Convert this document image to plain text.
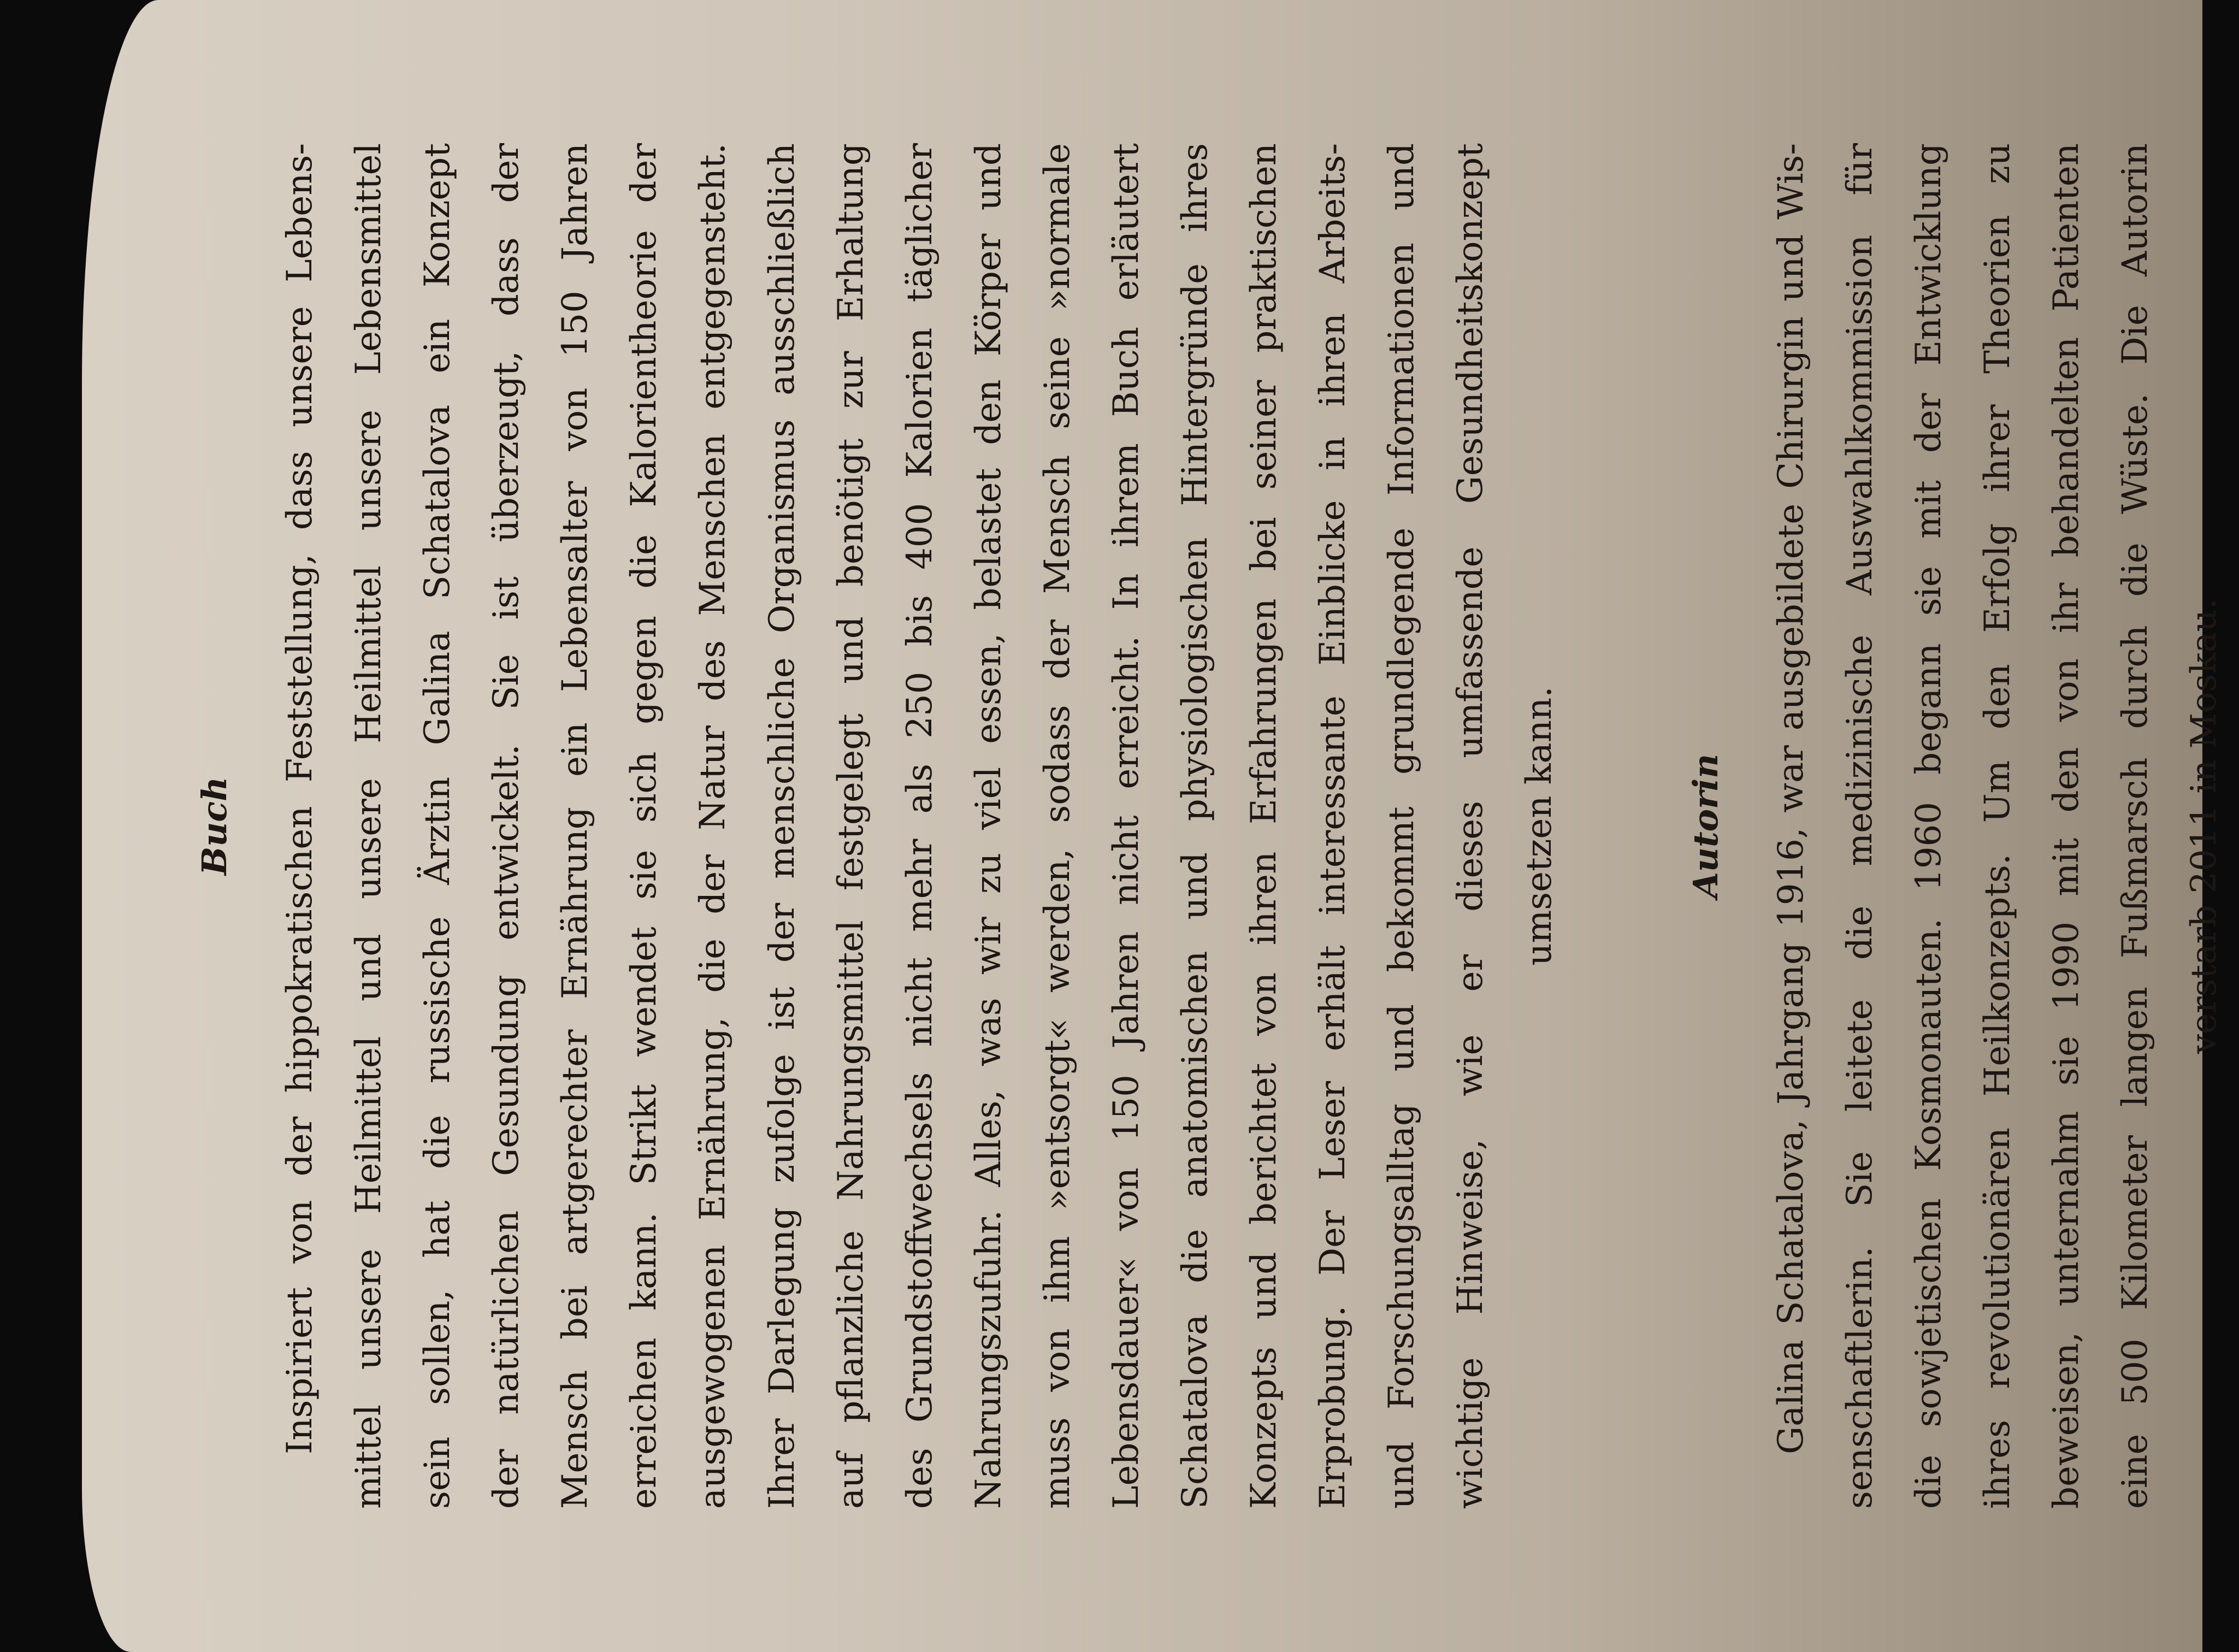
Buch	Inspiriert von der hippokratischen Feststellung, dass unsere Lebens- mittel unsere Heilmittel und unsere Heilmittel unsere Lebensmittel sein sollen, hat die russische Ärztin Galina Schatalova ein Konzept der natürlichen Gesundung entwickelt. Sie ist überzeugt, dass der Mensch bei artgerechter Ernährung ein Lebensalter von 150 Jahren erreichen kann. Strikt wendet sie sich gegen die Kalorientheorie der ausgewogenen Ernährung, die der Natur des Menschen entgegensteht. Ihrer Darlegung zufolge ist der menschliche Organismus ausschließlich auf pflanzliche Nahrungsmittel festgelegt und benötigt zur Erhaltung des Grundstoffwechsels nicht mehr als 250 bis 400 Kalorien täglicher Nahrungszufuhr. Alles, was wir zu viel essen, belastet den Körper und muss von ihm »entsorgt« werden, sodass der Mensch seine »normale Lebensdauer« von 150 Jahren nicht erreicht. In ihrem Buch erläutert Schatalova die anatomischen und physiologischen Hintergründe ihres Konzepts und berichtet von ihren Erfahrungen bei seiner praktischen Erprobung. Der Leser erhält interessante Einblicke in ihren Arbeits- und Forschungsalltag und bekommt grundlegende Informationen und wichtige Hinweise, wie er dieses umfassende Gesundheitskonzept umsetzen kann.	Autorin	Galina Schatalova, Jahrgang 1916, war ausgebildete Chirurgin und Wis- senschaftlerin. Sie leitete die medizinische Auswahlkommission für die sowjetischen Kosmonauten. 1960 begann sie mit der Entwicklung ihres revolutionären Heilkonzepts. Um den Erfolg ihrer Theorien zu beweisen, unternahm sie 1990 mit den von ihr behandelten Patienten eine 500 Kilometer langen Fußmarsch durch die Wüste. Die Autorin verstarb 2011 in Moskau.
